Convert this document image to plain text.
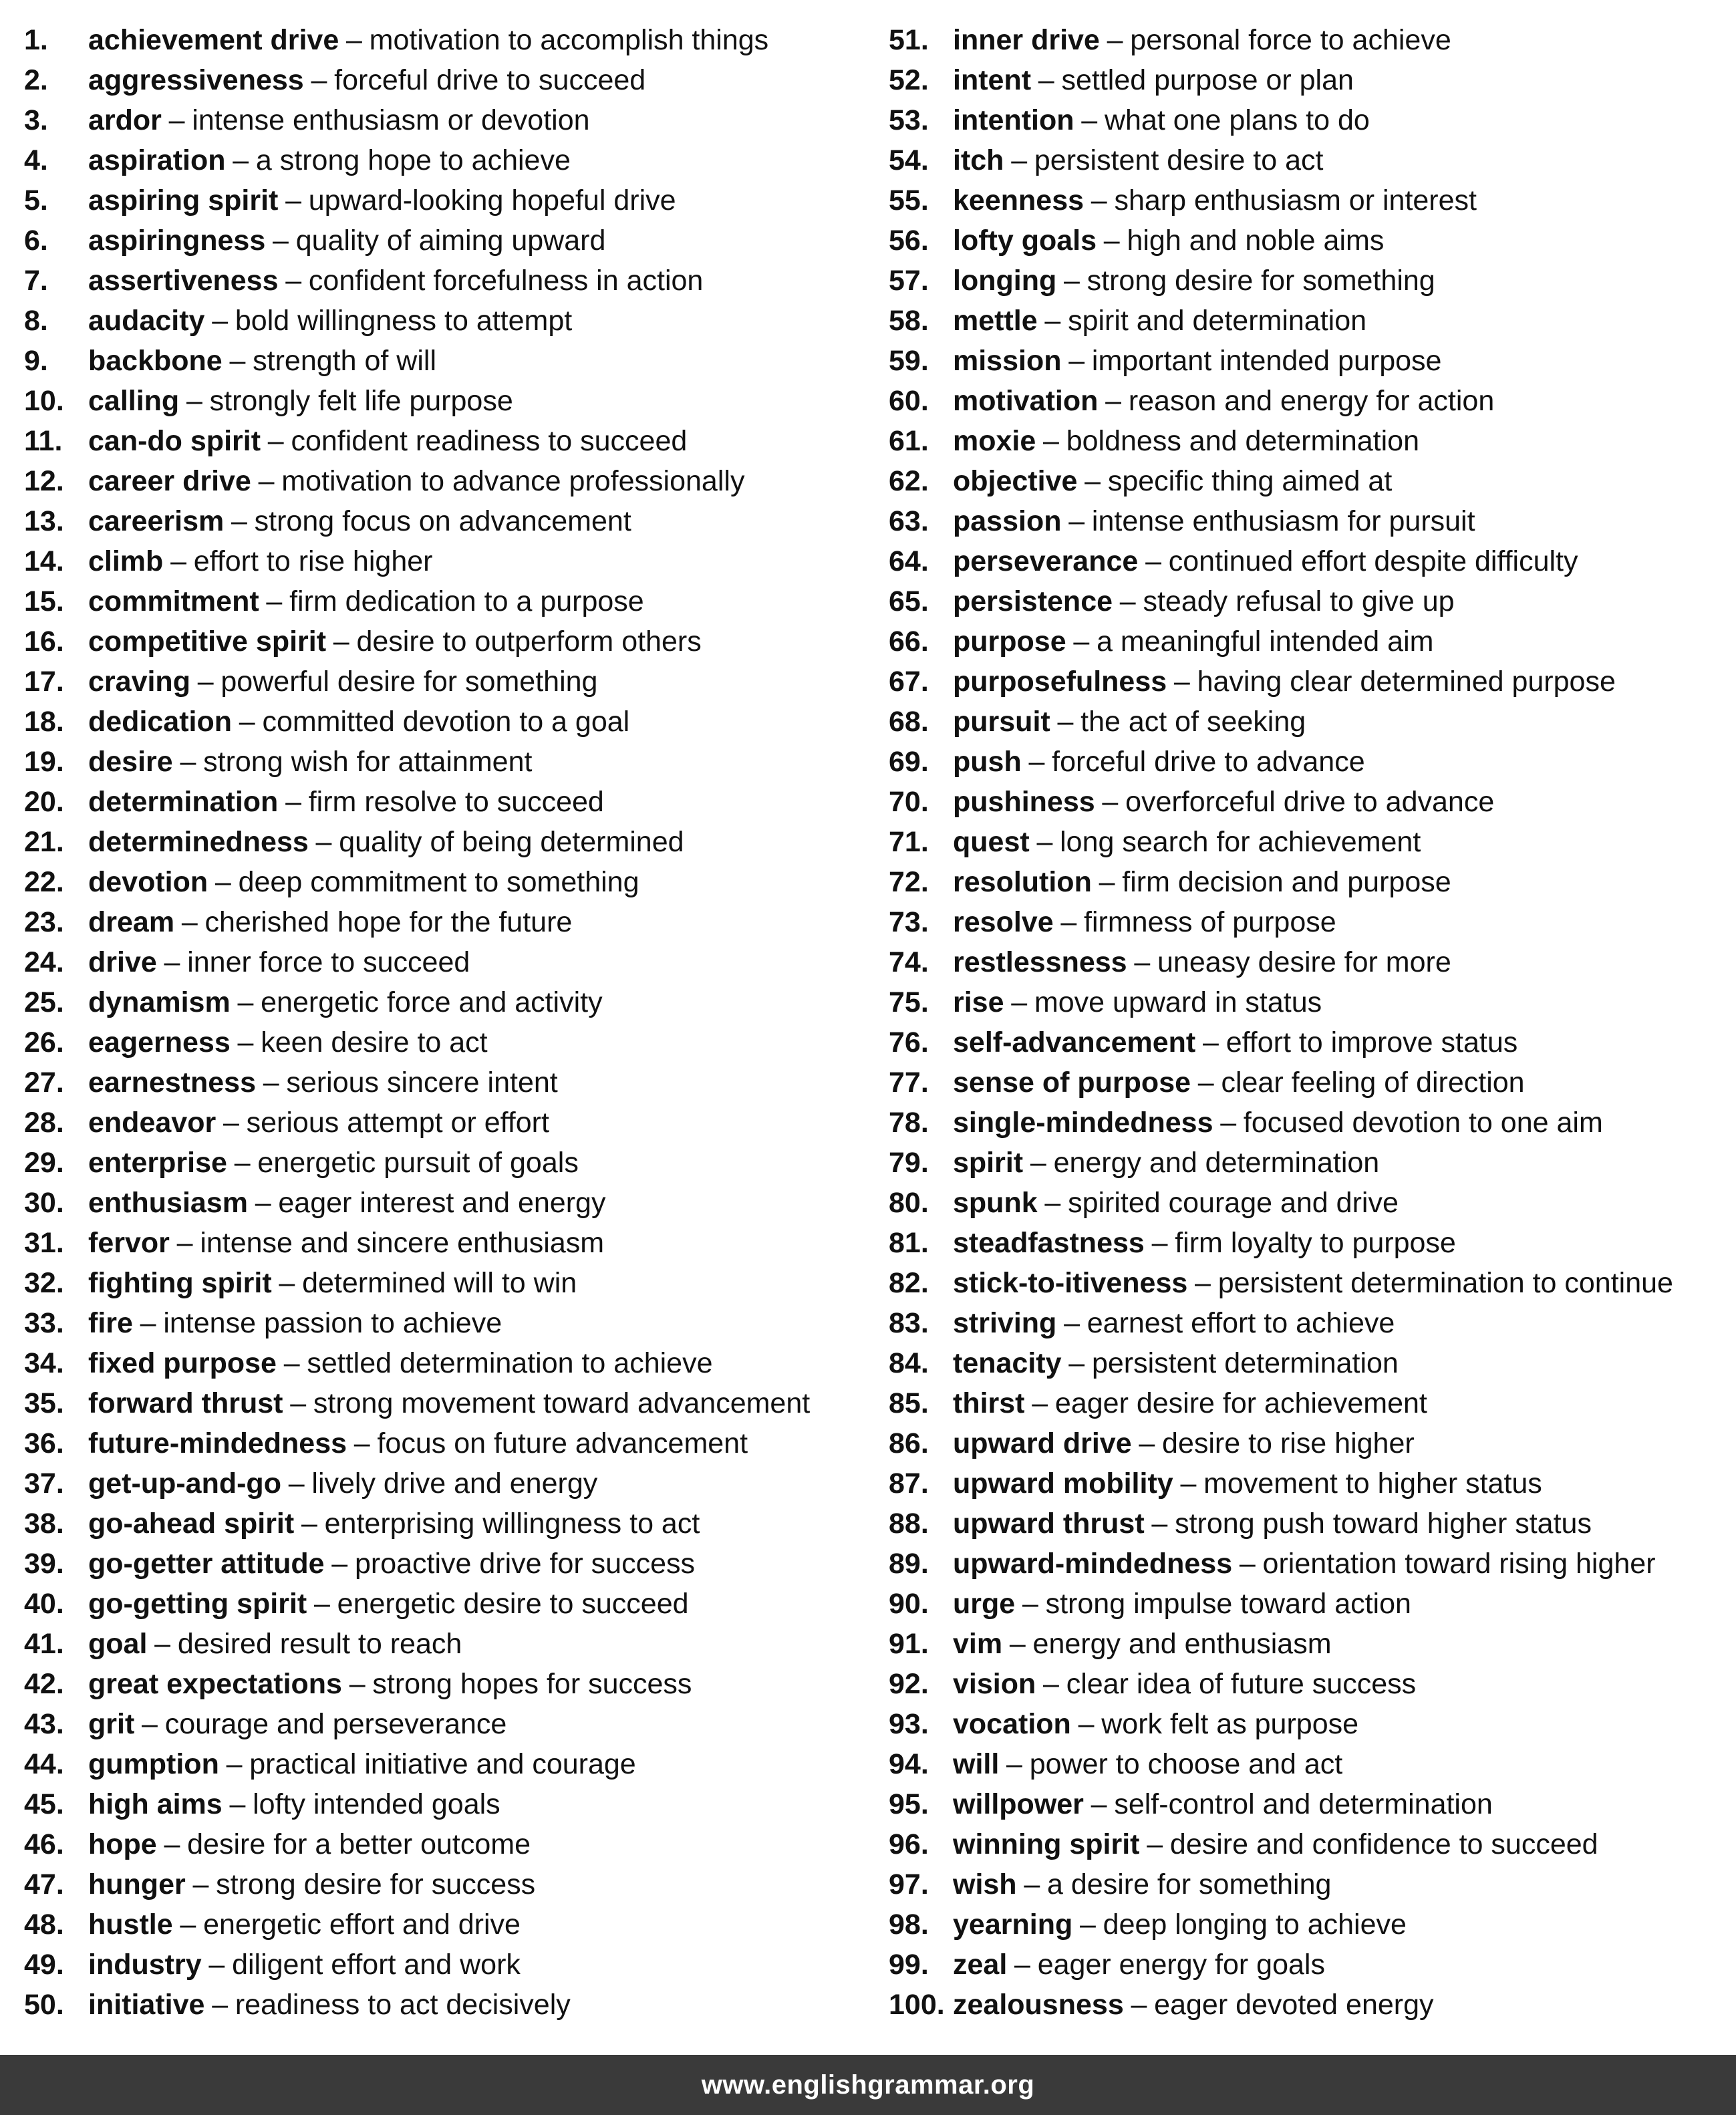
1.	achievement drive – motivation to accomplish things
2.	aggressiveness – forceful drive to succeed
3.	ardor – intense enthusiasm or devotion
4.	aspiration – a strong hope to achieve
5.	aspiring spirit – upward-looking hopeful drive
6.	aspiringness – quality of aiming upward
7.	assertiveness – confident forcefulness in action
8.	audacity – bold willingness to attempt
9.	backbone – strength of will
10. calling – strongly felt life purpose
11. can-do spirit – confident readiness to succeed
12. career drive – motivation to advance professionally
13. careerism – strong focus on advancement
14. climb – effort to rise higher
15. commitment – firm dedication to a purpose
16. competitive spirit – desire to outperform others
17. craving – powerful desire for something
18. dedication – committed devotion to a goal
19. desire – strong wish for attainment
20. determination – firm resolve to succeed
21. determinedness – quality of being determined
22. devotion – deep commitment to something
23. dream – cherished hope for the future
24. drive – inner force to succeed
25. dynamism – energetic force and activity
26. eagerness – keen desire to act
27. earnestness – serious sincere intent
28. endeavor – serious attempt or effort
29. enterprise – energetic pursuit of goals
30. enthusiasm – eager interest and energy
31. fervor – intense and sincere enthusiasm
32. fighting spirit – determined will to win
33. fire – intense passion to achieve
34. fixed purpose – settled determination to achieve
35. forward thrust – strong movement toward advancement
36. future-mindedness – focus on future advancement
37. get-up-and-go – lively drive and energy
38. go-ahead spirit – enterprising willingness to act
39. go-getter attitude – proactive drive for success
40. go-getting spirit – energetic desire to succeed
41. goal – desired result to reach
42. great expectations – strong hopes for success
43. grit – courage and perseverance
44. gumption – practical initiative and courage
45. high aims – lofty intended goals
46. hope – desire for a better outcome
47. hunger – strong desire for success
48. hustle – energetic effort and drive
49. industry – diligent effort and work
50. initiative – readiness to act decisively
51. inner drive – personal force to achieve
52. intent – settled purpose or plan
53. intention – what one plans to do
54. itch – persistent desire to act
55. keenness – sharp enthusiasm or interest
56. lofty goals – high and noble aims
57. longing – strong desire for something
58. mettle – spirit and determination
59. mission – important intended purpose
60. motivation – reason and energy for action
61. moxie – boldness and determination
62. objective – specific thing aimed at
63. passion – intense enthusiasm for pursuit
64. perseverance – continued effort despite difficulty
65. persistence – steady refusal to give up
66. purpose – a meaningful intended aim
67. purposefulness – having clear determined purpose
68. pursuit – the act of seeking
69. push – forceful drive to advance
70. pushiness – overforceful drive to advance
71. quest – long search for achievement
72. resolution – firm decision and purpose
73. resolve – firmness of purpose
74. restlessness – uneasy desire for more
75. rise – move upward in status
76. self-advancement – effort to improve status
77. sense of purpose – clear feeling of direction
78. single-mindedness – focused devotion to one aim
79. spirit – energy and determination
80. spunk – spirited courage and drive
81. steadfastness – firm loyalty to purpose
82. stick-to-itiveness – persistent determination to continue
83. striving – earnest effort to achieve
84. tenacity – persistent determination
85. thirst – eager desire for achievement
86. upward drive – desire to rise higher
87. upward mobility – movement to higher status
88. upward thrust – strong push toward higher status
89. upward-mindedness – orientation toward rising higher
90. urge – strong impulse toward action
91. vim – energy and enthusiasm
92. vision – clear idea of future success
93. vocation – work felt as purpose
94. will – power to choose and act
95. willpower – self-control and determination
96. winning spirit – desire and confidence to succeed
97. wish – a desire for something
98. yearning – deep longing to achieve
99. zeal – eager energy for goals
100. zealousness – eager devoted energy
www.englishgrammar.org
